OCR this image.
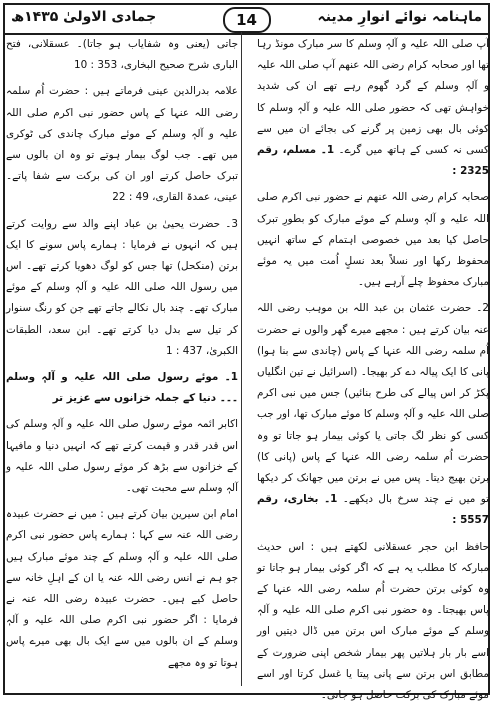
ماہنامہ نوائے انوارِ مدینہ
14
جمادی الاولیٰ ۱۴۳۵ھ

آپ صلی اللہ علیہ و آلہٖ وسلم کا سر مبارک مونڈ رہا تھا اور صحابہ کرام رضی اللہ عنھم آپ صلی اللہ علیہ و آلہٖ وسلم کے گرد گھوم رہے تھے ان کی شدید خواہش تھی کہ حضور صلی اللہ علیہ و آلہٖ وسلم کا کوئی بال بھی زمین پر گرنے کی بجائے ان میں سے کسی نہ کسی کے ہاتھ میں گرے۔ 1۔ مسلم، رقم 2325 :

صحابہ کرام رضی اللہ عنھم نے حضور نبی اکرم صلی اللہ علیہ و آلہٖ وسلم کے موئے مبارک کو بطورِ تبرک حاصل کیا بعد میں خصوصی اہتمام کے ساتھ انہیں محفوظ رکھا اور نسلاً بعد نسلٍ اُمت میں یہ موئے مبارک محفوظ چلے آرہے ہیں۔

2۔ حضرت عثمان بن عبد اللہ بن موہب رضی اللہ عنہ بیان کرتے ہیں : مجھے میرے گھر والوں نے حضرت اُم سلمہ رضی اللہ عنہا کے پاس (چاندی سے بنا ہوا) پانی کا ایک پیالہ دے کر بھیجا۔ (اسرائیل نے تین انگلیاں پکڑ کر اس پیالے کی طرح بنائیں) جس میں نبی اکرم صلی اللہ علیہ و آلہٖ وسلم کا موئے مبارک تھا، اور جب کسی کو نظر لگ جاتی یا کوئی بیمار ہو جاتا تو وہ حضرت اُم سلمہ رضی اللہ عنہا کے پاس (پانی کا) برتن بھیج دیتا۔ پس میں نے برتن میں جھانک کر دیکھا تو میں نے چند سرخ بال دیکھے۔ 1۔ بخاری، رقم 5557 :

حافظ ابن حجر عسقلانی لکھتے ہیں : اس حدیث مبارکہ کا مطلب یہ ہے کہ اگر کوئی بیمار ہو جاتا تو وہ کوئی برتن حضرت اُم سلمہ رضی اللہ عنہا کے پاس بھیجتا۔ وہ حضور نبی اکرم صلی اللہ علیہ و آلہٖ وسلم کے موئے مبارک اس برتن میں ڈال دیتیں اور اسے بار بار ہلاتیں پھر بیمار شخص اپنی ضرورت کے مطابق اس برتن سے پانی پیتا یا غسل کرتا اور اسے موئے مبارک کی برکت حاصل ہو جاتی۔

جاتی (یعنی وہ شفایاب ہو جاتا)۔ عسقلانی، فتح الباری شرح صحیح البخاری، 353 : 10

علامہ بدرالدین عینی فرماتے ہیں : حضرت اُم سلمہ رضی اللہ عنہا کے پاس حضور نبی اکرم صلی اللہ علیہ و آلہٖ وسلم کے موئے مبارک چاندی کی ٹوکری میں تھے۔ جب لوگ بیمار ہوتے تو وہ ان بالوں سے تبرک حاصل کرتے اور ان کی برکت سے شفا پاتے۔ عینی، عمدۃ القاری، 49 : 22

3۔ حضرت یحییٰ بن عباد اپنے والد سے روایت کرتے ہیں کہ انہوں نے فرمایا : ہمارے پاس سونے کا ایک برتن (منکحل) تھا جس کو لوگ دھویا کرتے تھے۔ اس میں رسول اللہ صلی اللہ علیہ و آلہٖ وسلم کے موئے مبارک تھے۔ چند بال نکالے جاتے تھے جن کو رنگ سنوار کر تیل سے بدل دیا کرتے تھے۔ ابن سعد، الطبقات الکبریٰ، 437 : 1

1۔ موئے رسول صلی اللہ علیہ و آلہٖ وسلم ۔۔۔ دنیا کے جملہ خزانوں سے عزیز تر

اکابر ائمہ موئے رسول صلی اللہ علیہ و آلہٖ وسلم کی اس قدر قدر و قیمت کرتے تھے کہ انہیں دنیا و مافیہا کے خزانوں سے بڑھ کر موئے رسول صلی اللہ علیہ و آلہٖ وسلم سے محبت تھی۔

امام ابن سیرین بیان کرتے ہیں : میں نے حضرت عبیدہ رضی اللہ عنہ سے کہا : ہمارے پاس حضور نبی اکرم صلی اللہ علیہ و آلہٖ وسلم کے چند موئے مبارک ہیں جو ہم نے انس رضی اللہ عنہ یا ان کے اہلِ خانہ سے حاصل کیے ہیں۔ حضرت عبیدہ رضی اللہ عنہ نے فرمایا : اگر حضور نبی اکرم صلی اللہ علیہ و آلہٖ وسلم کے ان بالوں میں سے ایک بال بھی میرے پاس ہوتا تو وہ مجھے
